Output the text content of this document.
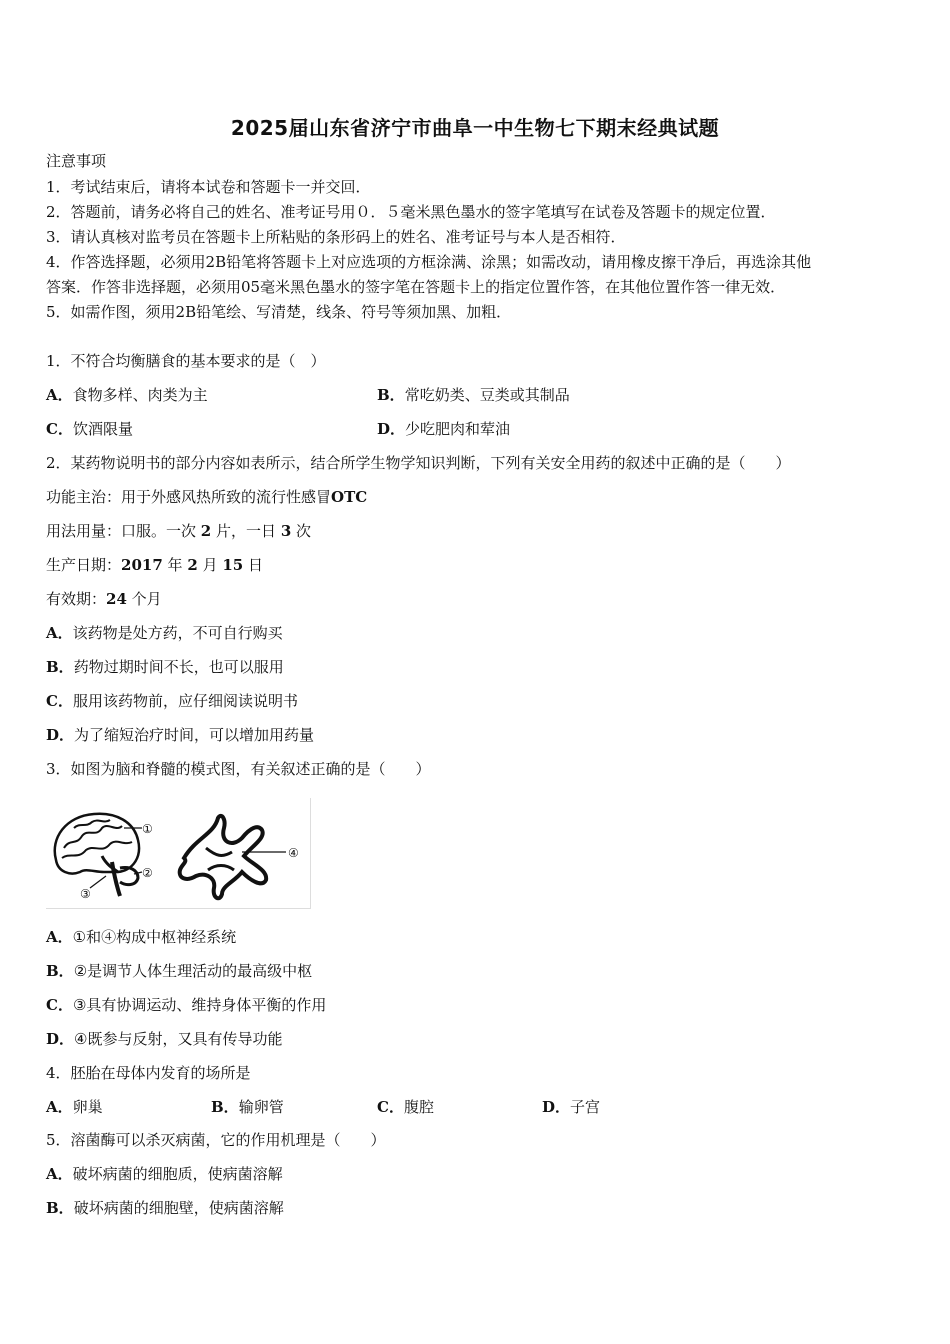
2025届山东省济宁市曲阜一中生物七下期末经典试题
注意事项
1．考试结束后，请将本试卷和答题卡一并交回．
2．答题前，请务必将自己的姓名、准考证号用０．５毫米黑色墨水的签字笔填写在试卷及答题卡的规定位置．
3．请认真核对监考员在答题卡上所粘贴的条形码上的姓名、准考证号与本人是否相符．
4．作答选择题，必须用2B铅笔将答题卡上对应选项的方框涂满、涂黑；如需改动，请用橡皮擦干净后，再选涂其他
答案．作答非选择题，必须用05毫米黑色墨水的签字笔在答题卡上的指定位置作答，在其他位置作答一律无效．
5．如需作图，须用2B铅笔绘、写清楚，线条、符号等须加黑、加粗．
1．不符合均衡膳食的基本要求的是（　）
A．食物多样、肉类为主	B．常吃奶类、豆类或其制品
C．饮酒限量	D．少吃肥肉和荤油
2．某药物说明书的部分内容如表所示，结合所学生物学知识判断，下列有关安全用药的叙述中正确的是（　　）
功能主治：用于外感风热所致的流行性感冒OTC
用法用量：口服。一次 2 片，一日 3 次
生产日期：2017 年 2 月 15 日
有效期：24 个月
A．该药物是处方药，不可自行购买
B．药物过期时间不长，也可以服用
C．服用该药物前，应仔细阅读说明书
D．为了缩短治疗时间，可以增加用药量
3．如图为脑和脊髓的模式图，有关叙述正确的是（　　）
①
②
③
④
A．①和④构成中枢神经系统
B．②是调节人体生理活动的最高级中枢
C．③具有协调运动、维持身体平衡的作用
D．④既参与反射，又具有传导功能
4．胚胎在母体内发育的场所是
A．卵巢	B．输卵管	C．腹腔	D．子宫
5．溶菌酶可以杀灭病菌，它的作用机理是（　　）
A．破坏病菌的细胞质，使病菌溶解
B．破坏病菌的细胞壁，使病菌溶解
